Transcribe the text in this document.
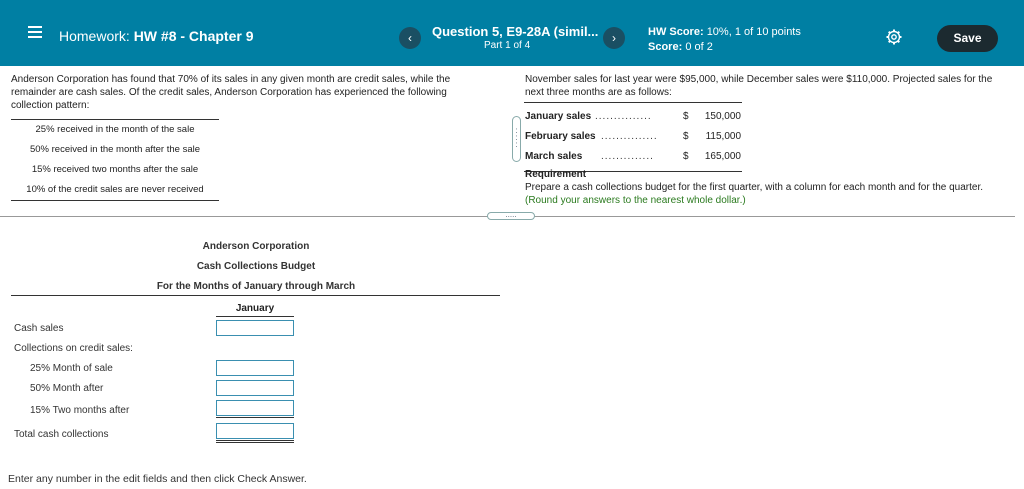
Homework: HW #8 - Chapter 9	‹	Question 5, E9-28A (simil...
Part 1 of 4
›	HW Score: 10%, 1 of 10 points
Score: 0 of 2
Save
Anderson Corporation has found that 70% of its sales in any given month are credit sales, while the remainder are cash sales. Of the credit sales, Anderson Corporation has experienced the following collection pattern:
25% received in the month of the sale
50% received in the month after the sale
15% received two months after the sale
10% of the credit sales are never received
:
:
:
.....
November sales for last year were $95,000, while December sales were $110,000. Projected sales for the next three months are as follows:
January sales ...............	$ 150,000
February sales ...............	$ 115,000
March sales ..............	$ 165,000
Requirement
Prepare a cash collections budget for the first quarter, with a column for each month and for the quarter.
(Round your answers to the nearest whole dollar.)
Anderson Corporation
Cash Collections Budget
For the Months of January through March
January
Cash sales
Collections on credit sales:
25% Month of sale
50% Month after
15% Two months after
Total cash collections
Enter any number in the edit fields and then click Check Answer.
